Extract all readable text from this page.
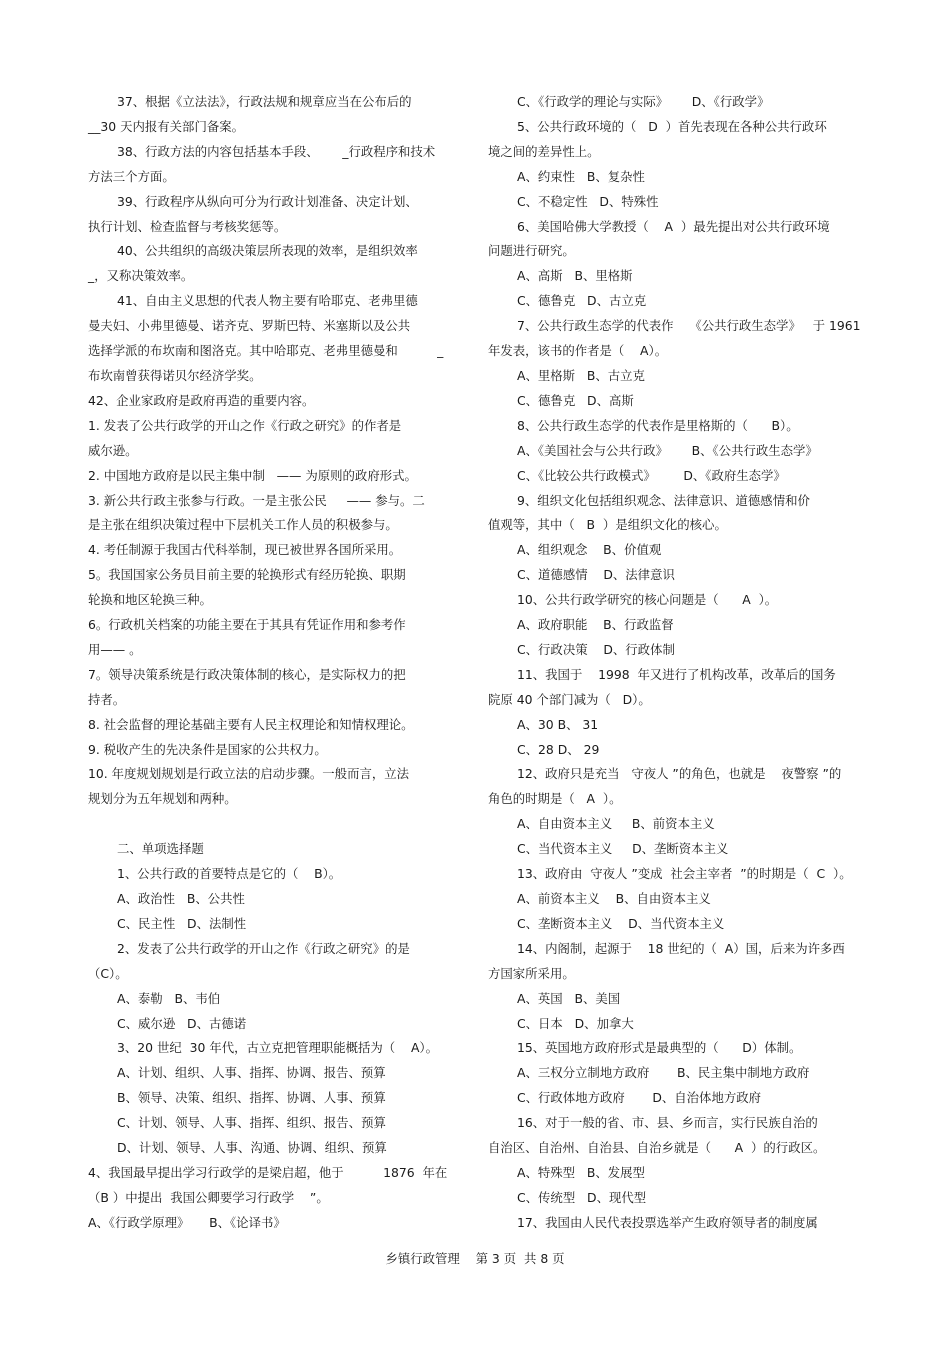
37、根据《立法法》，行政法规和规章应当在公布后的

__30 天内报有关部门备案。

38、行政方法的内容包括基本手段、      _行政程序和技术

方法三个方面。

39、行政程序从纵向可分为行政计划准备、决定计划、

执行计划、检查监督与考核奖惩等。

40、公共组织的高级决策层所表现的效率，是组织效率

_，又称决策效率。

41、自由主义思想的代表人物主要有哈耶克、老弗里德

曼夫妇、小弗里德曼、诺齐克、罗斯巴特、米塞斯以及公共

选择学派的布坎南和图洛克。其中哈耶克、老弗里德曼和          _

布坎南曾获得诺贝尔经济学奖。

42、企业家政府是政府再造的重要内容。

1. 发表了公共行政学的开山之作《行政之研究》的作者是

威尔逊。

2. 中国地方政府是以民主集中制   —— 为原则的政府形式。

3. 新公共行政主张参与行政。一是主张公民     —— 参与。二

是主张在组织决策过程中下层机关工作人员的积极参与。

4. 考任制源于我国古代科举制，现已被世界各国所采用。

5。我国国家公务员目前主要的轮换形式有经历轮换、职期

轮换和地区轮换三种。

6。行政机关档案的功能主要在于其具有凭证作用和参考作

用—— 。

7。领导决策系统是行政决策体制的核心，是实际权力的把

持者。

8. 社会监督的理论基础主要有人民主权理论和知情权理论。

9. 税收产生的先决条件是国家的公共权力。

10. 年度规划规划是行政立法的启动步骤。一般而言，立法

规划分为五年规划和两种。

二、单项选择题

1、公共行政的首要特点是它的（    B）。

A、政治性   B、公共性

C、民主性   D、法制性

2、发表了公共行政学的开山之作《行政之研究》的是

（C）。

A、泰勒   B、韦伯

C、威尔逊   D、古德诺

3、20 世纪  30 年代，古立克把管理职能概括为（    A）。

A、计划、组织、人事、指挥、协调、报告、预算

B、领导、决策、组织、指挥、协调、人事、预算

C、计划、领导、人事、指挥、组织、报告、预算

D、计划、领导、人事、沟通、协调、组织、预算

4、我国最早提出学习行政学的是梁启超，他于          1876  年在

（B ）中提出  我国公卿要学习行政学    ”。

A、《行政学原理》     B、《论译书》

C、《行政学的理论与实际》      D、《行政学》

5、公共行政环境的（   D  ）首先表现在各种公共行政环

境之间的差异性上。

A、约束性   B、复杂性

C、不稳定性   D、特殊性

6、美国哈佛大学教授（    A  ）最先提出对公共行政环境

问题进行研究。

A、高斯   B、里格斯

C、德鲁克   D、古立克

7、公共行政生态学的代表作    《公共行政生态学》   于 1961

年发表，该书的作者是（    A）。

A、里格斯   B、古立克

C、德鲁克   D、高斯

8、公共行政生态学的代表作是里格斯的（      B）。

A、《美国社会与公共行政》      B、《公共行政生态学》

C、《比较公共行政模式》       D、《政府生态学》

9、组织文化包括组织观念、法律意识、道德感情和价

值观等，其中（   B  ）是组织文化的核心。

A、组织观念    B、价值观

C、道德感情    D、法律意识

10、公共行政学研究的核心问题是（      A  ）。

A、政府职能    B、行政监督

C、行政决策    D、行政体制

11、我国于    1998  年又进行了机构改革，改革后的国务

院原 40 个部门减为（   D）。

A、30 B、 31

C、28 D、 29

12、政府只是充当   守夜人 ”的角色，也就是    夜警察 ”的

角色的时期是（   A  ）。

A、自由资本主义     B、前资本主义

C、当代资本主义     D、垄断资本主义

13、政府由  守夜人 ”变成  社会主宰者  ”的时期是（  C  ）。

A、前资本主义    B、自由资本主义

C、垄断资本主义    D、当代资本主义

14、内阁制，起源于    18 世纪的（  A）国，后来为许多西

方国家所采用。

A、英国   B、美国

C、日本   D、加拿大

15、英国地方政府形式是最典型的（      D）体制。

A、三权分立制地方政府       B、民主集中制地方政府

C、行政体地方政府       D、自治体地方政府

16、对于一般的省、市、县、乡而言，实行民族自治的

自治区、自治州、自治县、自治乡就是（      A  ）的行政区。

A、特殊型   B、发展型

C、传统型   D、现代型

17、我国由人民代表投票选举产生政府领导者的制度属

乡镇行政管理    第 3 页  共 8 页
